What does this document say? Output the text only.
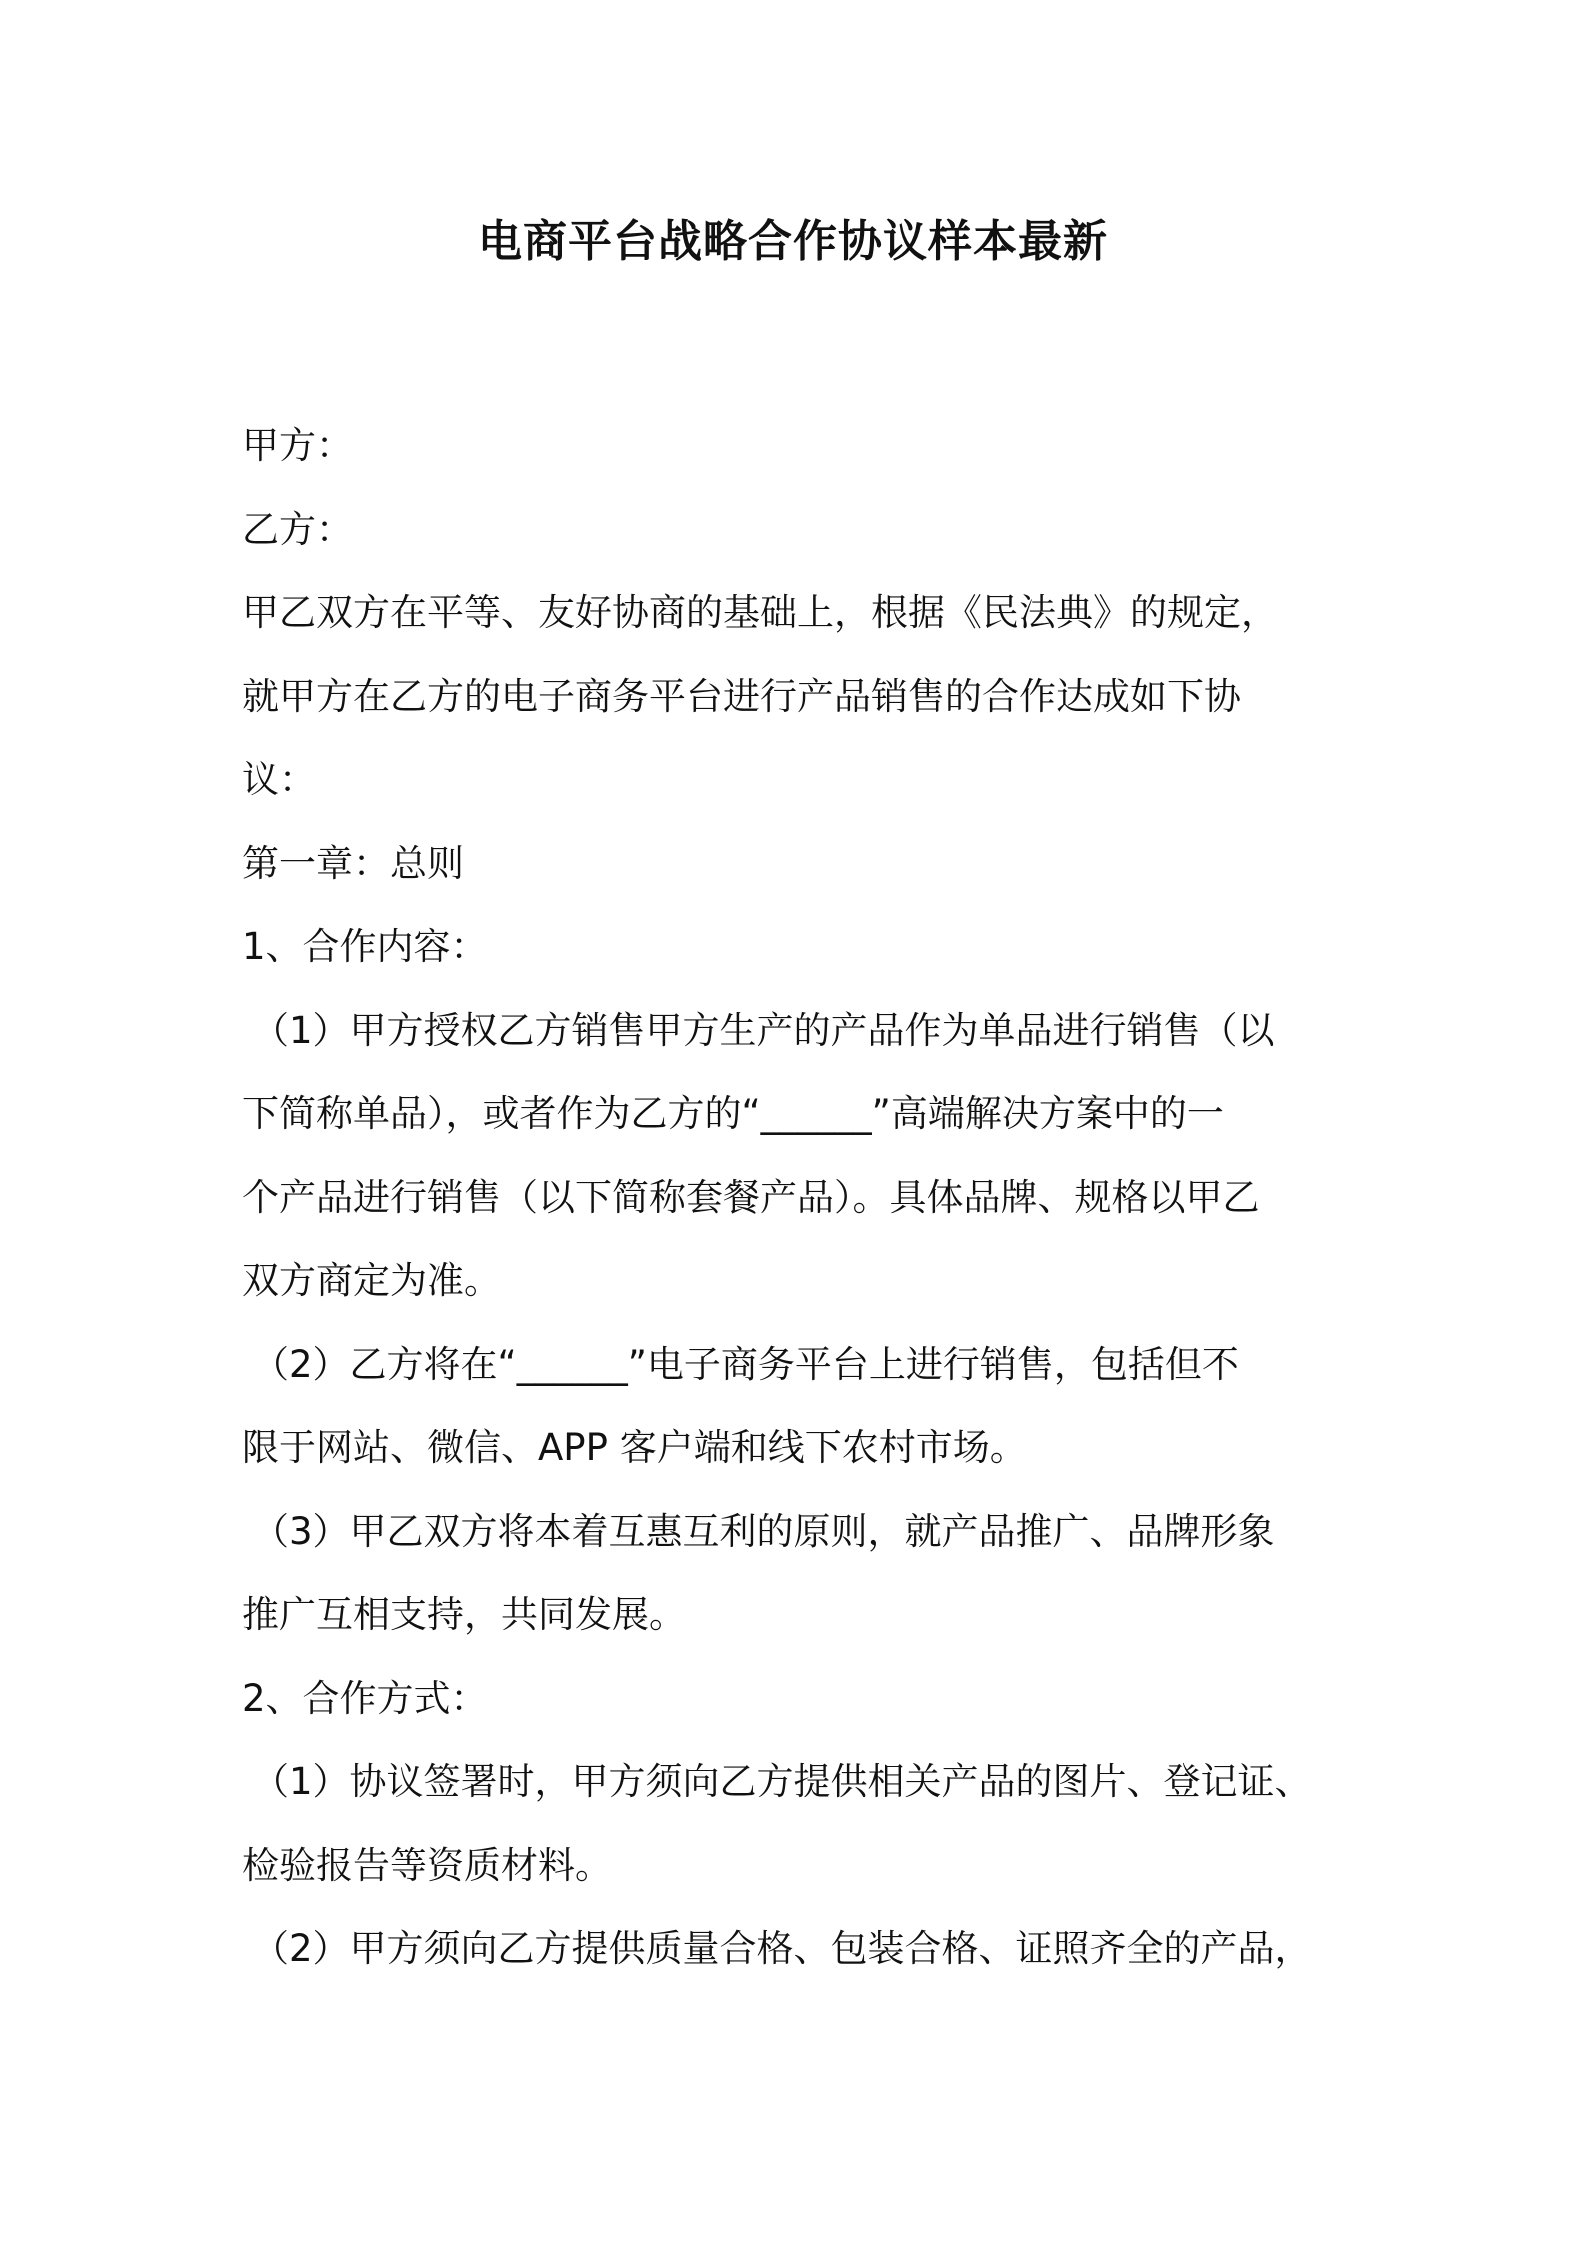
电商平台战略合作协议样本最新
甲方：
乙方：
甲乙双方在平等、友好协商的基础上，根据《民法典》的规定，
就甲方在乙方的电子商务平台进行产品销售的合作达成如下协
议：
第一章：总则
1、合作内容：
（1）甲方授权乙方销售甲方生产的产品作为单品进行销售（以
下简称单品），或者作为乙方的“______”高端解决方案中的一
个产品进行销售（以下简称套餐产品）。具体品牌、规格以甲乙
双方商定为准。
（2）乙方将在“______”电子商务平台上进行销售，包括但不
限于网站、微信、APP 客户端和线下农村市场。
（3）甲乙双方将本着互惠互利的原则，就产品推广、品牌形象
推广互相支持，共同发展。
2、合作方式：
（1）协议签署时，甲方须向乙方提供相关产品的图片、登记证、
检验报告等资质材料。
（2）甲方须向乙方提供质量合格、包装合格、证照齐全的产品，
